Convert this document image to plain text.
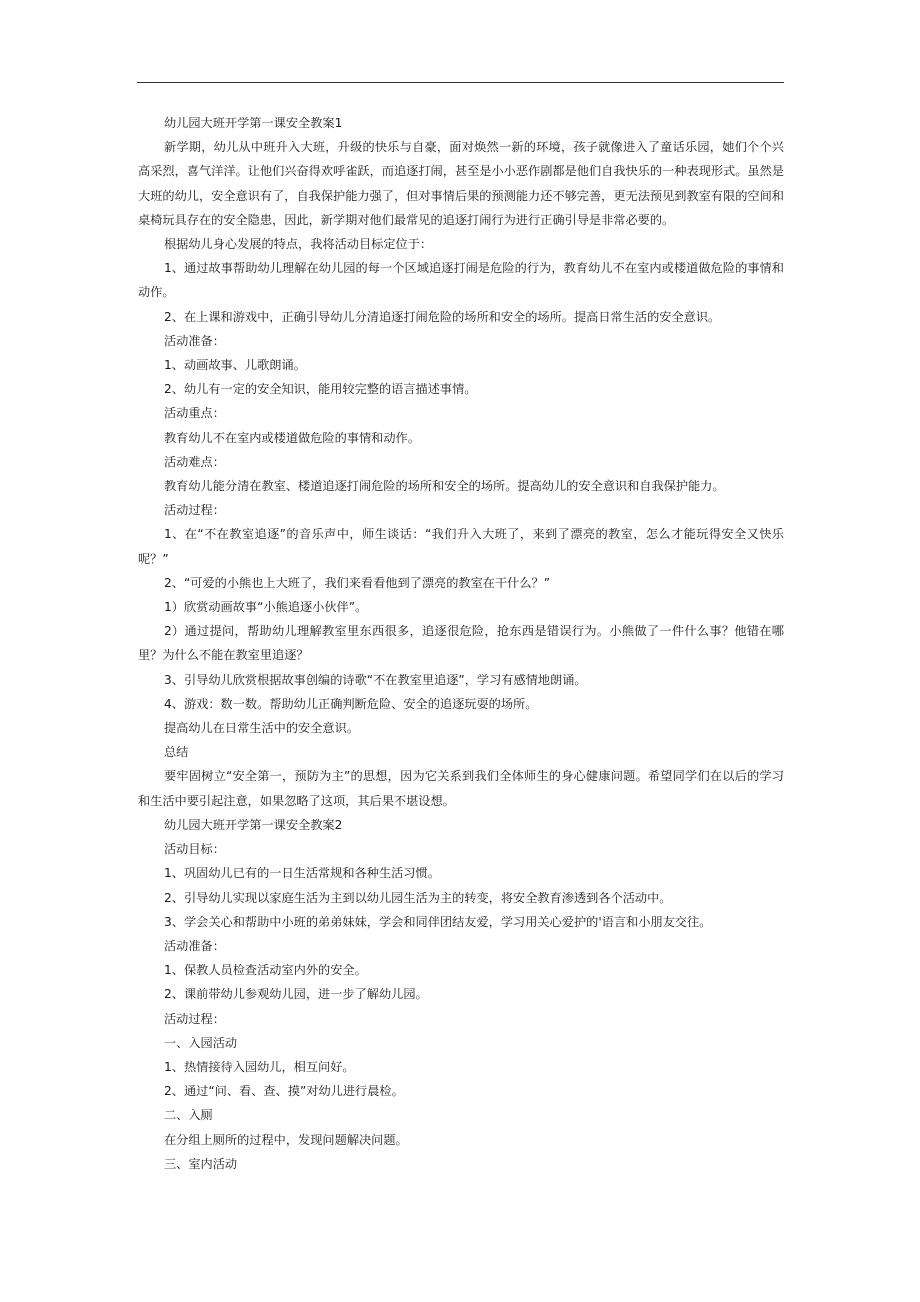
幼儿园大班开学第一课安全教案1

新学期，幼儿从中班升入大班，升级的快乐与自豪，面对焕然一新的环境，孩子就像进入了童话乐园，她们个个兴高采烈，喜气洋洋。让他们兴奋得欢呼雀跃，而追逐打闹，甚至是小小恶作剧都是他们自我快乐的一种表现形式。虽然是大班的幼儿，安全意识有了，自我保护能力强了，但对事情后果的预测能力还不够完善，更无法预见到教室有限的空间和桌椅玩具存在的安全隐患，因此，新学期对他们最常见的追逐打闹行为进行正确引导是非常必要的。

根据幼儿身心发展的特点，我将活动目标定位于：

1、通过故事帮助幼儿理解在幼儿园的每一个区域追逐打闹是危险的行为，教育幼儿不在室内或楼道做危险的事情和动作。

2、在上课和游戏中，正确引导幼儿分清追逐打闹危险的场所和安全的场所。提高日常生活的安全意识。

活动准备：

1、动画故事、儿歌朗诵。

2、幼儿有一定的安全知识，能用较完整的语言描述事情。

活动重点：

教育幼儿不在室内或楼道做危险的事情和动作。

活动难点：

教育幼儿能分清在教室、楼道追逐打闹危险的场所和安全的场所。提高幼儿的安全意识和自我保护能力。

活动过程：

1、在“不在教室追逐”的音乐声中，师生谈话：“我们升入大班了，来到了漂亮的教室，怎么才能玩得安全又快乐呢？”

2、“可爱的小熊也上大班了，我们来看看他到了漂亮的教室在干什么？”

1）欣赏动画故事“小熊追逐小伙伴”。

2）通过提问，帮助幼儿理解教室里东西很多，追逐很危险，抢东西是错误行为。小熊做了一件什么事？他错在哪里？为什么不能在教室里追逐？

3、引导幼儿欣赏根据故事创编的诗歌“不在教室里追逐”，学习有感情地朗诵。

4、游戏：数一数。帮助幼儿正确判断危险、安全的追逐玩耍的场所。

提高幼儿在日常生活中的安全意识。

总结

要牢固树立“安全第一，预防为主”的思想，因为它关系到我们全体师生的身心健康问题。希望同学们在以后的学习和生活中要引起注意，如果忽略了这项，其后果不堪设想。

幼儿园大班开学第一课安全教案2

活动目标：

1、巩固幼儿已有的一日生活常规和各种生活习惯。

2、引导幼儿实现以家庭生活为主到以幼儿园生活为主的转变，将安全教育渗透到各个活动中。

3、学会关心和帮助中小班的弟弟妹妹，学会和同伴团结友爱，学习用关心爱护的'语言和小朋友交往。

活动准备：

1、保教人员检查活动室内外的安全。

2、课前带幼儿参观幼儿园，进一步了解幼儿园。

活动过程：

一、入园活动

1、热情接待入园幼儿，相互问好。

2、通过“问、看、查、摸”对幼儿进行晨检。

二、入厕

在分组上厕所的过程中，发现问题解决问题。

三、室内活动
